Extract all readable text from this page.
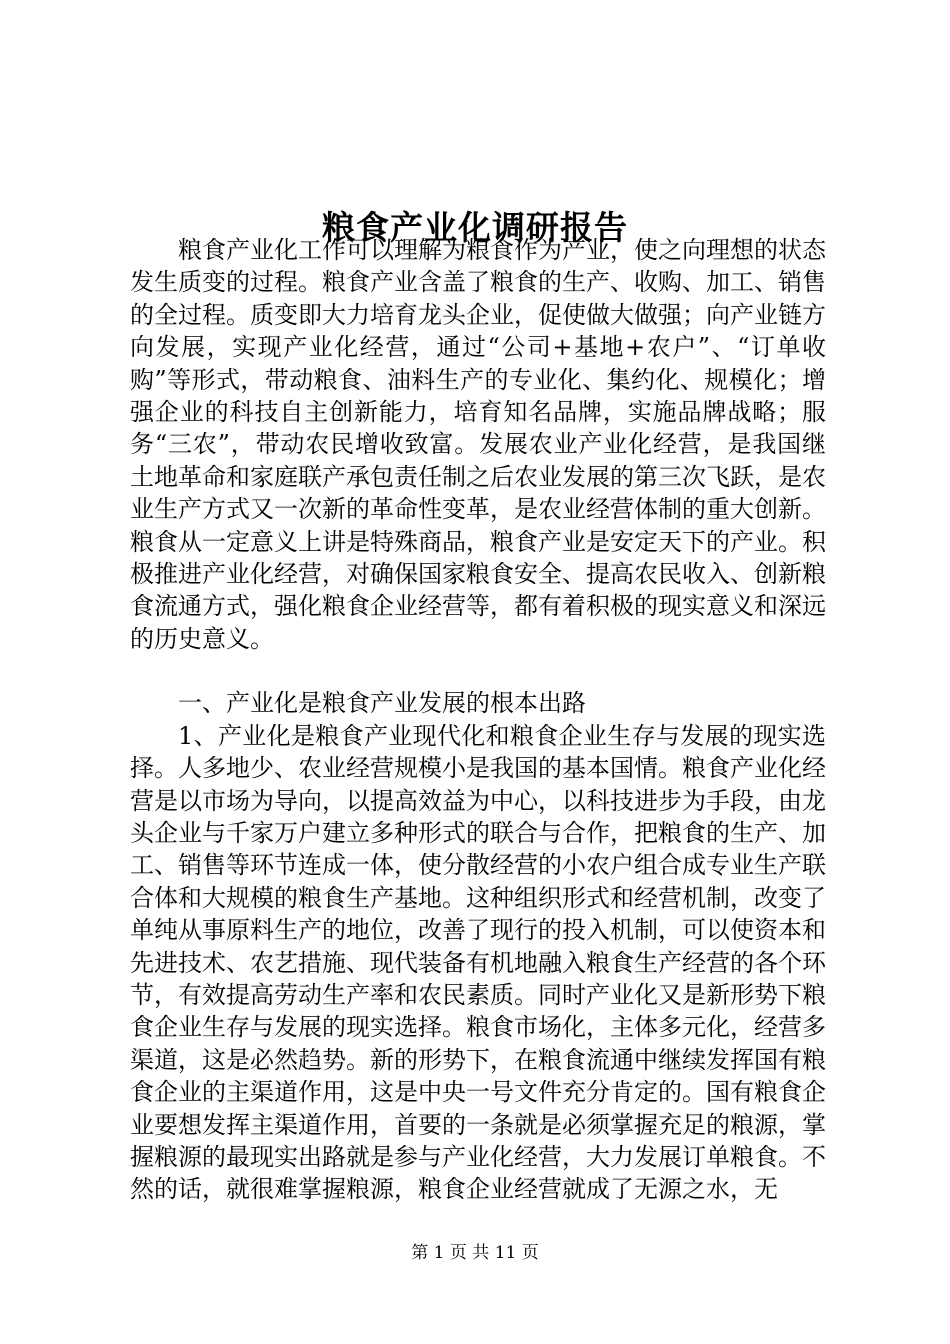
粮食产业化调研报告

粮食产业化工作可以理解为粮食作为产业，使之向理想的状态发生质变的过程。粮食产业含盖了粮食的生产、收购、加工、销售的全过程。质变即大力培育龙头企业，促使做大做强；向产业链方向发展，实现产业化经营，通过“公司+基地+农户”、“订单收购”等形式，带动粮食、油料生产的专业化、集约化、规模化；增强企业的科技自主创新能力，培育知名品牌，实施品牌战略；服务“三农”，带动农民增收致富。发展农业产业化经营，是我国继土地革命和家庭联产承包责任制之后农业发展的第三次飞跃，是农业生产方式又一次新的革命性变革，是农业经营体制的重大创新。粮食从一定意义上讲是特殊商品，粮食产业是安定天下的产业。积极推进产业化经营，对确保国家粮食安全、提高农民收入、创新粮食流通方式，强化粮食企业经营等，都有着积极的现实意义和深远的历史意义。

一、产业化是粮食产业发展的根本出路

1、产业化是粮食产业现代化和粮食企业生存与发展的现实选择。人多地少、农业经营规模小是我国的基本国情。粮食产业化经营是以市场为导向，以提高效益为中心，以科技进步为手段，由龙头企业与千家万户建立多种形式的联合与合作，把粮食的生产、加工、销售等环节连成一体，使分散经营的小农户组合成专业生产联合体和大规模的粮食生产基地。这种组织形式和经营机制，改变了单纯从事原料生产的地位，改善了现行的投入机制，可以使资本和先进技术、农艺措施、现代装备有机地融入粮食生产经营的各个环节，有效提高劳动生产率和农民素质。同时产业化又是新形势下粮食企业生存与发展的现实选择。粮食市场化，主体多元化，经营多渠道，这是必然趋势。新的形势下，在粮食流通中继续发挥国有粮食企业的主渠道作用，这是中央一号文件充分肯定的。国有粮食企业要想发挥主渠道作用，首要的一条就是必须掌握充足的粮源，掌握粮源的最现实出路就是参与产业化经营，大力发展订单粮食。不然的话，就很难掌握粮源，粮食企业经营就成了无源之水，无

第 1 页 共 11 页
